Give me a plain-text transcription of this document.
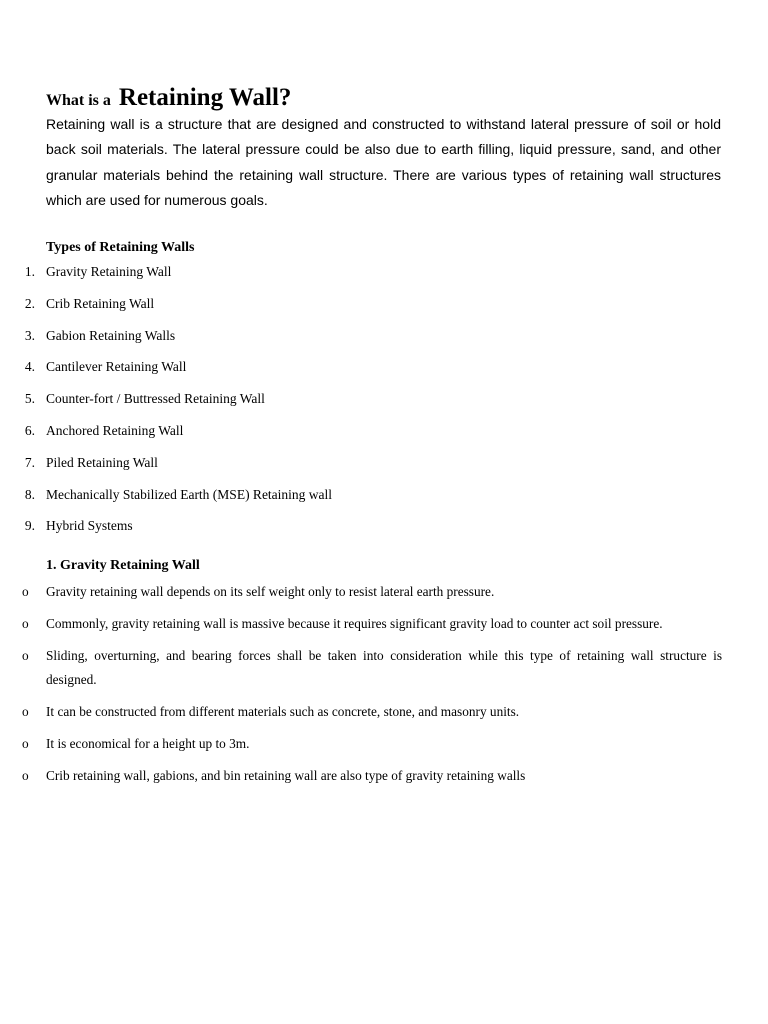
What is a Retaining Wall?

Retaining wall is a structure that are designed and constructed to withstand lateral pressure of soil or hold back soil materials. The lateral pressure could be also due to earth filling, liquid pressure, sand, and other granular materials behind the retaining wall structure. There are various types of retaining wall structures which are used for numerous goals.

Types of Retaining Walls
1. Gravity Retaining Wall
2. Crib Retaining Wall
3. Gabion Retaining Walls
4. Cantilever Retaining Wall
5. Counter-fort / Buttressed Retaining Wall
6. Anchored Retaining Wall
7. Piled Retaining Wall
8. Mechanically Stabilized Earth (MSE) Retaining wall
9. Hybrid Systems
1. Gravity Retaining Wall
o Gravity retaining wall depends on its self weight only to resist lateral earth pressure.
o Commonly, gravity retaining wall is massive because it requires significant gravity load to counter act soil pressure.
o Sliding, overturning, and bearing forces shall be taken into consideration while this type of retaining wall structure is designed.
o It can be constructed from different materials such as concrete, stone, and masonry units.
o It is economical for a height up to 3m.
o Crib retaining wall, gabions, and bin retaining wall are also type of gravity retaining walls
